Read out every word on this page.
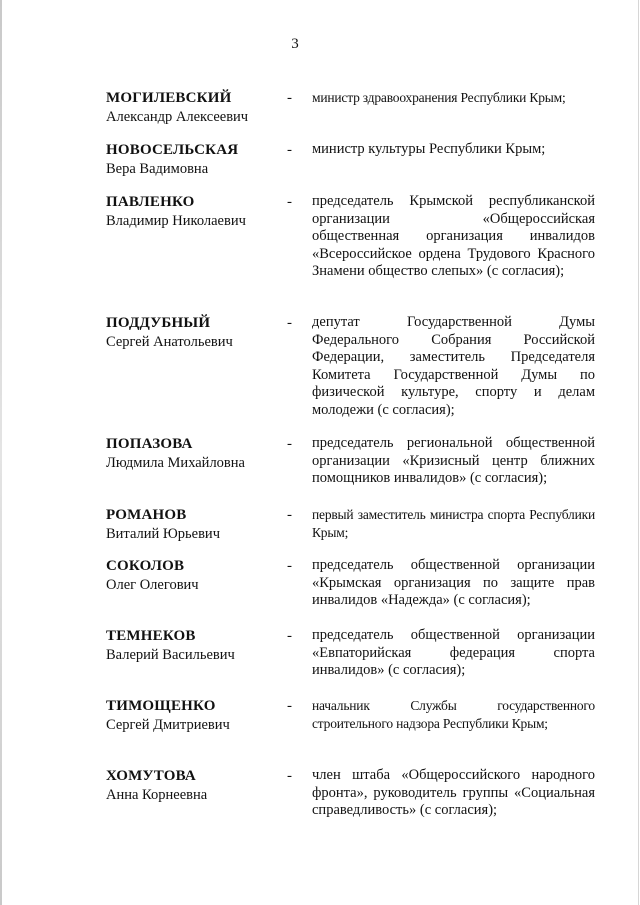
3
МОГИЛЕВСКИЙ
Александр Алексеевич
- министр здравоохранения Республики Крым;
НОВОСЕЛЬСКАЯ
Вера Вадимовна
- министр культуры Республики Крым;
ПАВЛЕНКО
Владимир Николаевич
- председатель Крымской республиканской организации «Общероссийская общественная организация инвалидов «Всероссийское ордена Трудового Красного Знамени общество слепых» (с согласия);
ПОДДУБНЫЙ
Сергей Анатольевич
- депутат Государственной Думы Федерального Собрания Российской Федерации, заместитель Председателя Комитета Государственной Думы по физической культуре, спорту и делам молодежи (с согласия);
ПОПАЗОВА
Людмила Михайловна
- председатель региональной общественной организации «Кризисный центр ближних помощников инвалидов» (с согласия);
РОМАНОВ
Виталий Юрьевич
- первый заместитель министра спорта Республики Крым;
СОКОЛОВ
Олег Олегович
- председатель общественной организации «Крымская организация по защите прав инвалидов «Надежда» (с согласия);
ТЕМНЕКОВ
Валерий Васильевич
- председатель общественной организации «Евпаторийская федерация спорта инвалидов» (с согласия);
ТИМОЩЕНКО
Сергей Дмитриевич
- начальник Службы государственного строительного надзора Республики Крым;
ХОМУТОВА
Анна Корнеевна
- член штаба «Общероссийского народного фронта», руководитель группы «Социальная справедливость» (с согласия);
